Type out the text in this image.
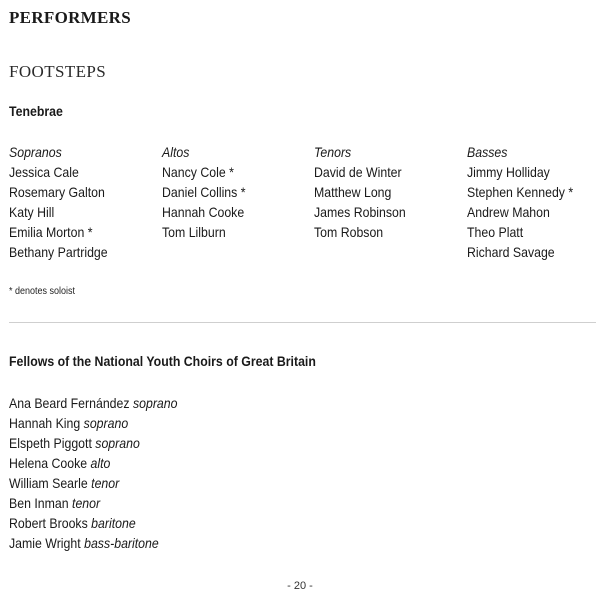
PERFORMERS
FOOTSTEPS
Tenebrae
Sopranos
Jessica Cale
Rosemary Galton
Katy Hill
Emilia Morton *
Bethany Partridge
Altos
Nancy Cole *
Daniel Collins *
Hannah Cooke
Tom Lilburn
Tenors
David de Winter
Matthew Long
James Robinson
Tom Robson
Basses
Jimmy Holliday
Stephen Kennedy *
Andrew Mahon
Theo Platt
Richard Savage
* denotes soloist
Fellows of the National Youth Choirs of Great Britain
Ana Beard Fernández soprano
Hannah King soprano
Elspeth Piggott soprano
Helena Cooke alto
William Searle tenor
Ben Inman tenor
Robert Brooks baritone
Jamie Wright bass-baritone
- 20 -
